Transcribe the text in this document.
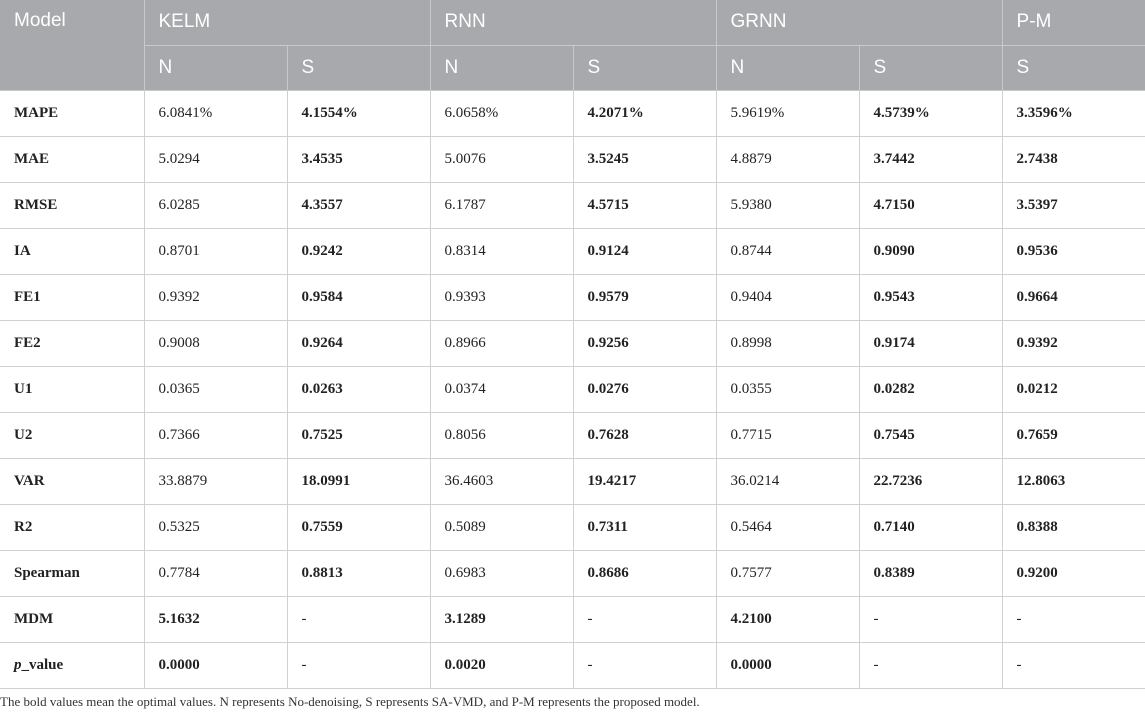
Model	KELM		RNN		GRNN		P-M
	N	S	N	S	N	S	S
MAPE	6.0841%	4.1554%	6.0658%	4.2071%	5.9619%	4.5739%	3.3596%
MAE	5.0294	3.4535	5.0076	3.5245	4.8879	3.7442	2.7438
RMSE	6.0285	4.3557	6.1787	4.5715	5.9380	4.7150	3.5397
IA	0.8701	0.9242	0.8314	0.9124	0.8744	0.9090	0.9536
FE1	0.9392	0.9584	0.9393	0.9579	0.9404	0.9543	0.9664
FE2	0.9008	0.9264	0.8966	0.9256	0.8998	0.9174	0.9392
U1	0.0365	0.0263	0.0374	0.0276	0.0355	0.0282	0.0212
U2	0.7366	0.7525	0.8056	0.7628	0.7715	0.7545	0.7659
VAR	33.8879	18.0991	36.4603	19.4217	36.0214	22.7236	12.8063
R2	0.5325	0.7559	0.5089	0.7311	0.5464	0.7140	0.8388
Spearman	0.7784	0.8813	0.6983	0.8686	0.7577	0.8389	0.9200
MDM	5.1632	-	3.1289	-	4.2100	-	-
p_value	0.0000	-	0.0020	-	0.0000	-	-
The bold values mean the optimal values. N represents No-denoising, S represents SA-VMD, and P-M represents the proposed model.
